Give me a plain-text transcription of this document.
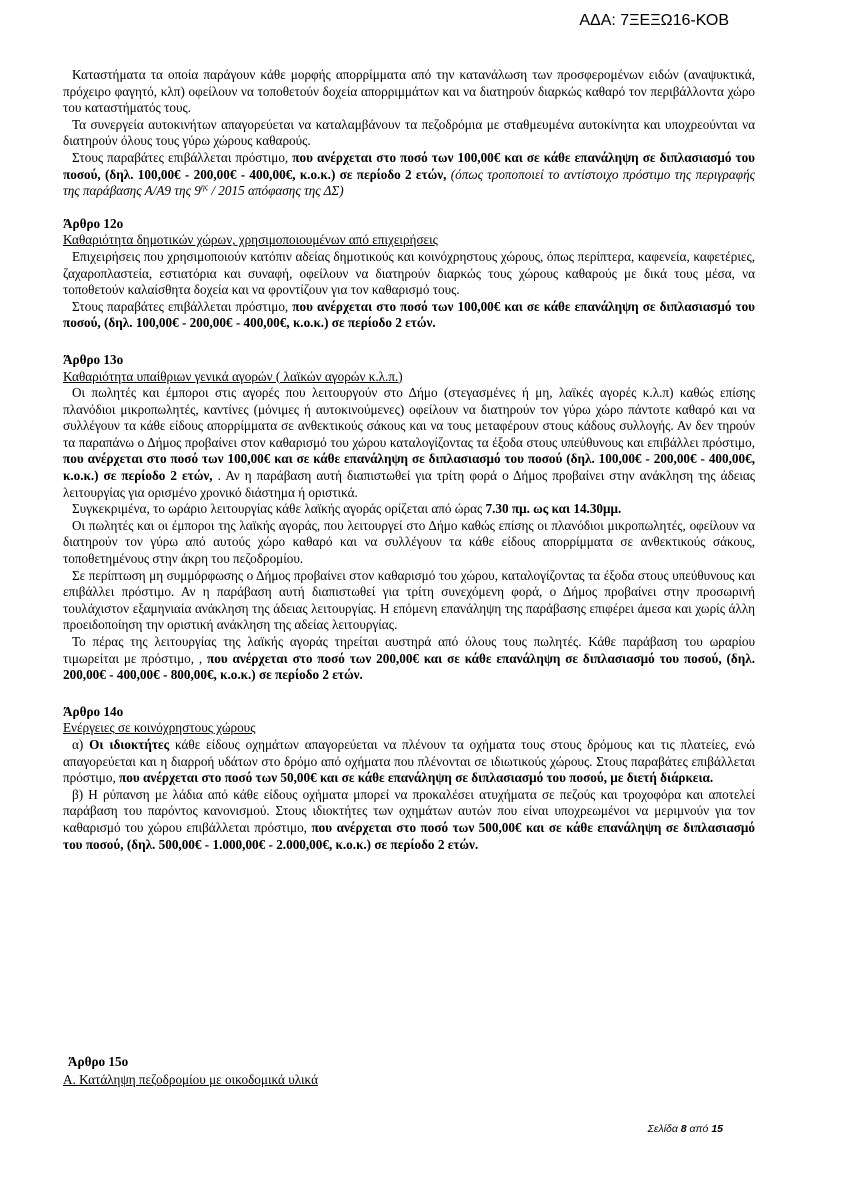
ΑΔΑ: 7ΞΕΞΩ16-ΚΟΒ

Καταστήματα τα οποία παράγουν κάθε μορφής απορρίμματα από την κατανάλωση των προσφερομένων ειδών (αναψυκτικά, πρόχειρο φαγητό, κλπ) οφείλουν να τοποθετούν δοχεία απορριμμάτων και να διατηρούν διαρκώς καθαρό τον περιβάλλοντα χώρο του καταστήματός τους.

Τα συνεργεία αυτοκινήτων απαγορεύεται να καταλαμβάνουν τα πεζοδρόμια με σταθμευμένα αυτοκίνητα και υποχρεούνται να διατηρούν όλους τους γύρω χώρους καθαρούς.

Στους παραβάτες επιβάλλεται πρόστιμο, που ανέρχεται στο ποσό των 100,00€ και σε κάθε επανάληψη σε διπλασιασμό του ποσού, (δηλ. 100,00€ - 200,00€ - 400,00€, κ.ο.κ.) σε περίοδο 2 ετών, (όπως τροποποιεί το αντίστοιχο πρόστιμο της περιγραφής της παράβασης Α/Α9 της $9^{\eta\varsigma} / 2015$ απόφασης της ΔΣ)

Άρθρο 12ο

Καθαριότητα δημοτικών χώρων, χρησιμοποιουμένων από επιχειρήσεις

Επιχειρήσεις που χρησιμοποιούν κατόπιν αδείας δημοτικούς και κοινόχρηστους χώρους, όπως περίπτερα, καφενεία, καφετέριες, ζαχαροπλαστεία, εστιατόρια και συναφή, οφείλουν να διατηρούν διαρκώς τους χώρους καθαρούς με δικά τους μέσα, να τοποθετούν καλαίσθητα δοχεία και να φροντίζουν για τον καθαρισμό τους.

Στους παραβάτες επιβάλλεται πρόστιμο, που ανέρχεται στο ποσό των 100,00€ και σε κάθε επανάληψη σε διπλασιασμό του ποσού, (δηλ. 100,00€ - 200,00€ - 400,00€, κ.ο.κ.) σε περίοδο 2 ετών.

Άρθρο 13ο

Καθαριότητα υπαίθριων γενικά αγορών ( λαϊκών αγορών κ.λ.π.)

Οι πωλητές και έμποροι στις αγορές που λειτουργούν στο Δήμο (στεγασμένες ή μη, λαϊκές αγορές κ.λ.π) καθώς επίσης πλανόδιοι μικροπωλητές, καντίνες (μόνιμες ή αυτοκινούμενες) οφείλουν να διατηρούν τον γύρω χώρο πάντοτε καθαρό και να συλλέγουν τα κάθε είδους απορρίμματα σε ανθεκτικούς σάκους και να τους μεταφέρουν στους κάδους συλλογής. Αν δεν τηρούν τα παραπάνω ο Δήμος προβαίνει στον καθαρισμό του χώρου καταλογίζοντας τα έξοδα στους υπεύθυνους και επιβάλλει πρόστιμο, που ανέρχεται στο ποσό των 100,00€ και σε κάθε επανάληψη σε διπλασιασμό του ποσού (δηλ. 100,00€ - 200,00€ - 400,00€, κ.ο.κ.) σε περίοδο 2 ετών, . Αν η παράβαση αυτή διαπιστωθεί για τρίτη φορά ο Δήμος προβαίνει στην ανάκληση της άδειας λειτουργίας για ορισμένο χρονικό διάστημα ή οριστικά.

Συγκεκριμένα, το ωράριο λειτουργίας κάθε λαϊκής αγοράς ορίζεται από ώρας 7.30 πμ. ως και 14.30μμ.

Οι πωλητές και οι έμποροι της λαϊκής αγοράς, που λειτουργεί στο Δήμο καθώς επίσης οι πλανόδιοι μικροπωλητές, οφείλουν να διατηρούν τον γύρω από αυτούς χώρο καθαρό και να συλλέγουν τα κάθε είδους απορρίμματα σε ανθεκτικούς σάκους, τοποθετημένους στην άκρη του πεζοδρομίου.

Σε περίπτωση μη συμμόρφωσης ο Δήμος προβαίνει στον καθαρισμό του χώρου, καταλογίζοντας τα έξοδα στους υπεύθυνους και επιβάλλει πρόστιμο. Αν η παράβαση αυτή διαπιστωθεί για τρίτη συνεχόμενη φορά, ο Δήμος προβαίνει στην προσωρινή τουλάχιστον εξαμηνιαία ανάκληση της άδειας λειτουργίας. Η επόμενη επανάληψη της παράβασης επιφέρει άμεσα και χωρίς άλλη προειδοποίηση την οριστική ανάκληση της αδείας λειτουργίας.

Το πέρας της λειτουργίας της λαϊκής αγοράς τηρείται αυστηρά από όλους τους πωλητές. Κάθε παράβαση του ωραρίου τιμωρείται με πρόστιμο, , που ανέρχεται στο ποσό των 200,00€ και σε κάθε επανάληψη σε διπλασιασμό του ποσού, (δηλ. 200,00€ - 400,00€ - 800,00€, κ.ο.κ.) σε περίοδο 2 ετών.

Άρθρο 14ο

Ενέργειες σε κοινόχρηστους χώρους

α) Οι ιδιοκτήτες κάθε είδους οχημάτων απαγορεύεται να πλένουν τα οχήματα τους στους δρόμους και τις πλατείες, ενώ απαγορεύεται και η διαρροή υδάτων στο δρόμο από οχήματα που πλένονται σε ιδιωτικούς χώρους. Στους παραβάτες επιβάλλεται πρόστιμο, που ανέρχεται στο ποσό των 50,00€ και σε κάθε επανάληψη σε διπλασιασμό του ποσού, με διετή διάρκεια.

β) Η ρύπανση με λάδια από κάθε είδους οχήματα μπορεί να προκαλέσει ατυχήματα σε πεζούς και τροχοφόρα και αποτελεί παράβαση του παρόντος κανονισμού. Στους ιδιοκτήτες των οχημάτων αυτών που είναι υποχρεωμένοι να μεριμνούν για τον καθαρισμό του χώρου επιβάλλεται πρόστιμο, που ανέρχεται στο ποσό των 500,00€ και σε κάθε επανάληψη σε διπλασιασμό του ποσού, (δηλ. 500,00€ - 1.000,00€ - 2.000,00€, κ.ο.κ.) σε περίοδο 2 ετών.

Άρθρο 15ο
Α. Κατάληψη πεζοδρομίου με οικοδομικά υλικά
Σελίδα 8 από 15
